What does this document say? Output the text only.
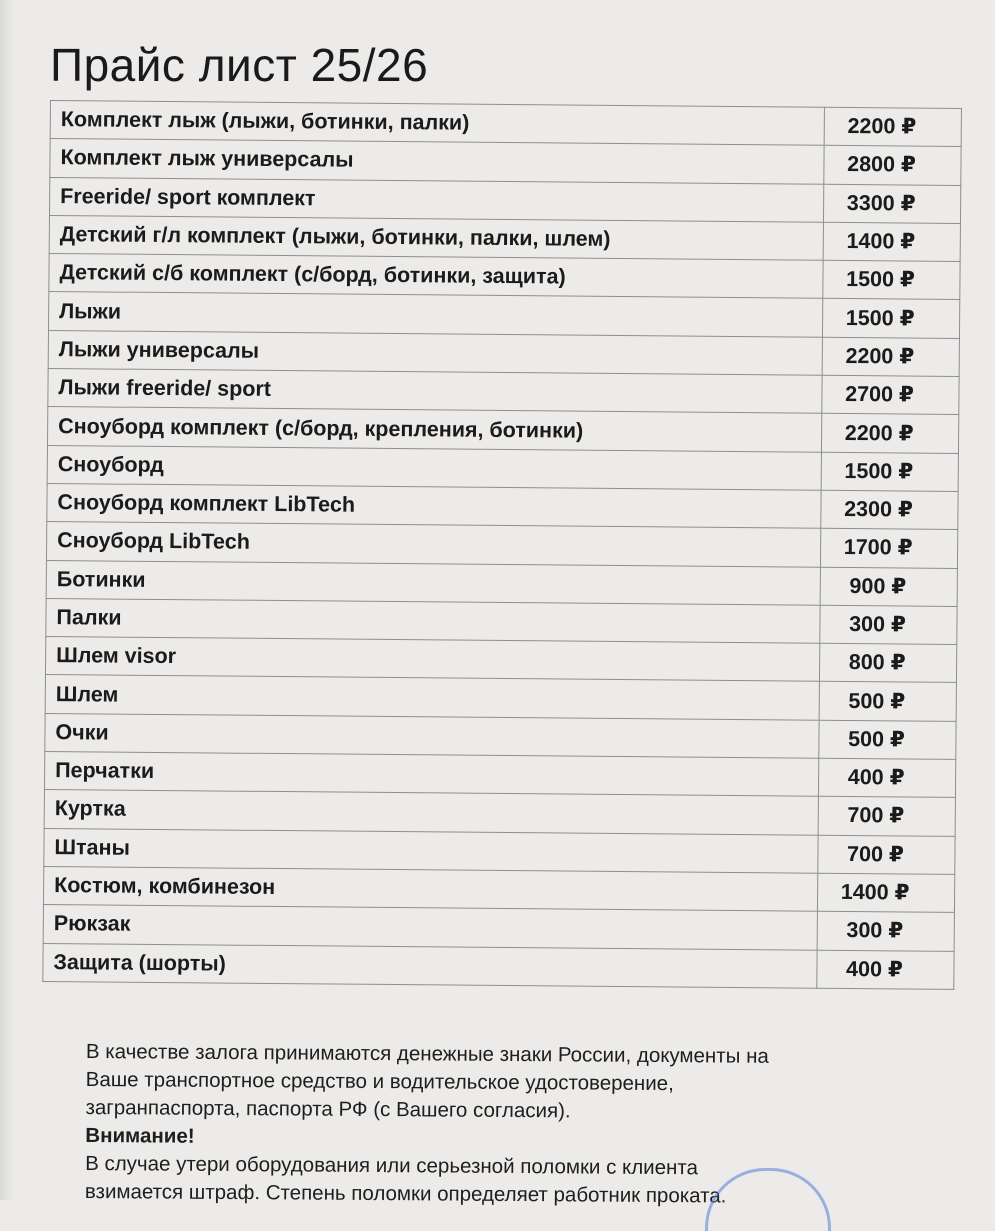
Прайс лист 25/26
Комплект лыж (лыжи, ботинки, палки)	2200 ₽
Комплект лыж универсалы	2800 ₽
Freeride/ sport комплект	3300 ₽
Детский г/л комплект (лыжи, ботинки, палки, шлем)	1400 ₽
Детский с/б комплект (с/борд, ботинки, защита)	1500 ₽
Лыжи	1500 ₽
Лыжи универсалы	2200 ₽
Лыжи freeride/ sport	2700 ₽
Сноуборд комплект (с/борд, крепления, ботинки)	2200 ₽
Сноуборд	1500 ₽
Сноуборд комплект LibTech	2300 ₽
Сноуборд LibTech	1700 ₽
Ботинки	900 ₽
Палки	300 ₽
Шлем visor	800 ₽
Шлем	500 ₽
Очки	500 ₽
Перчатки	400 ₽
Куртка	700 ₽
Штаны	700 ₽
Костюм, комбинезон	1400 ₽
Рюкзак	300 ₽
Защита (шорты)	400 ₽

В качестве залога принимаются денежные знаки России, документы на

Ваше транспортное средство и водительское удостоверение,

загранпаспорта, паспорта РФ (с Вашего согласия).

Внимание!

В случае утери оборудования или серьезной поломки с клиента

взимается штраф. Степень поломки определяет работник проката.
